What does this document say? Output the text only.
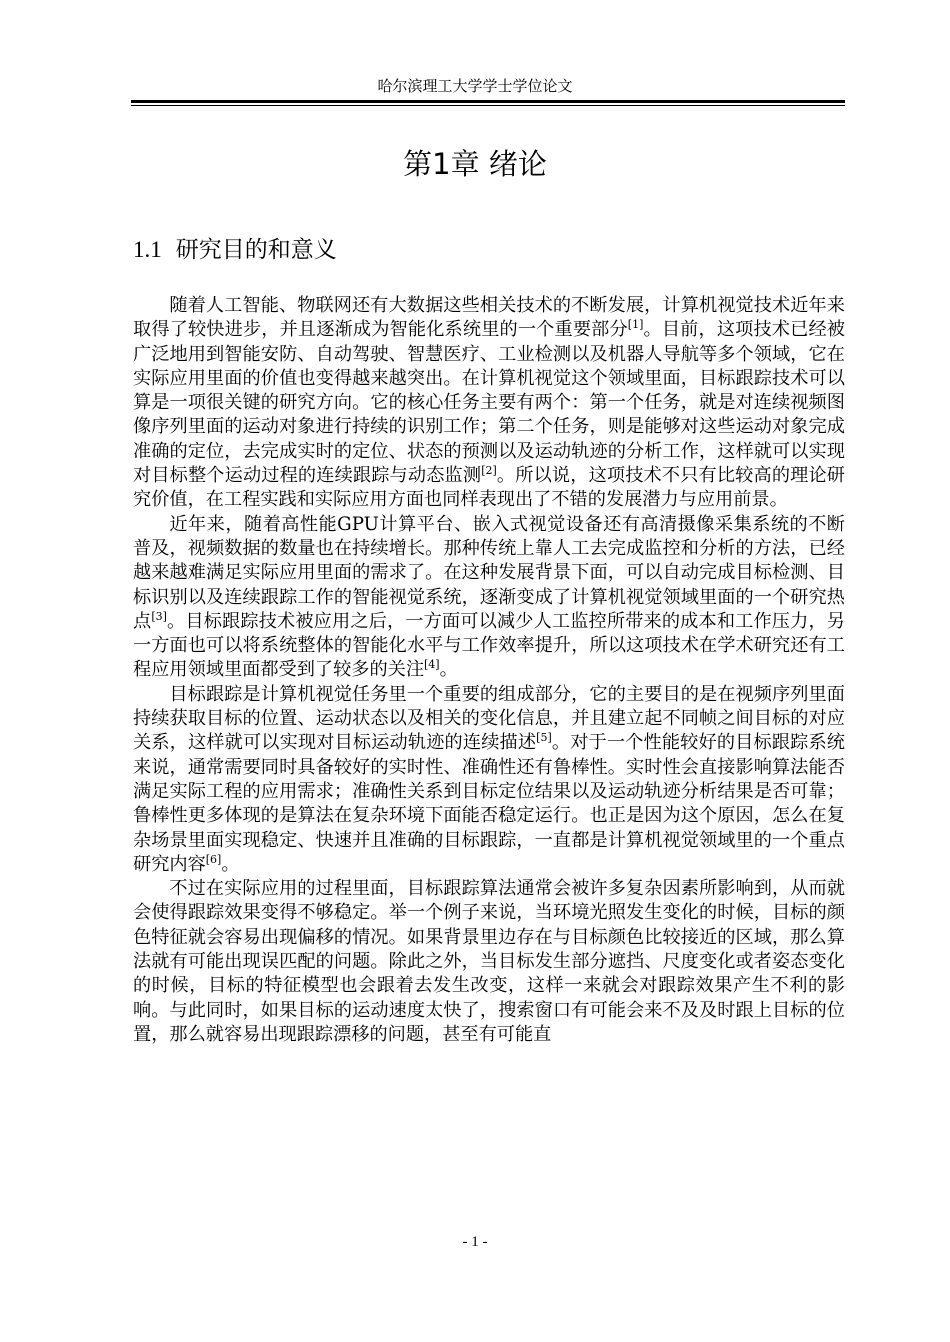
哈尔滨理工大学学士学位论文
第1章 绪论
1.1 研究目的和意义

随着人工智能、物联网还有大数据这些相关技术的不断发展，计算机视觉技术近年来取得了较快进步，并且逐渐成为智能化系统里的一个重要部分[1]。目前，这项技术已经被广泛地用到智能安防、自动驾驶、智慧医疗、工业检测以及机器人导航等多个领域，它在实际应用里面的价值也变得越来越突出。在计算机视觉这个领域里面，目标跟踪技术可以算是一项很关键的研究方向。它的核心任务主要有两个：第一个任务，就是对连续视频图像序列里面的运动对象进行持续的识别工作；第二个任务，则是能够对这些运动对象完成准确的定位，去完成实时的定位、状态的预测以及运动轨迹的分析工作，这样就可以实现对目标整个运动过程的连续跟踪与动态监测[2]。所以说，这项技术不只有比较高的理论研究价值，在工程实践和实际应用方面也同样表现出了不错的发展潜力与应用前景。

近年来，随着高性能GPU计算平台、嵌入式视觉设备还有高清摄像采集系统的不断普及，视频数据的数量也在持续增长。那种传统上靠人工去完成监控和分析的方法，已经越来越难满足实际应用里面的需求了。在这种发展背景下面，可以自动完成目标检测、目标识别以及连续跟踪工作的智能视觉系统，逐渐变成了计算机视觉领域里面的一个研究热点[3]。目标跟踪技术被应用之后，一方面可以减少人工监控所带来的成本和工作压力，另一方面也可以将系统整体的智能化水平与工作效率提升，所以这项技术在学术研究还有工程应用领域里面都受到了较多的关注[4]。

目标跟踪是计算机视觉任务里一个重要的组成部分，它的主要目的是在视频序列里面持续获取目标的位置、运动状态以及相关的变化信息，并且建立起不同帧之间目标的对应关系，这样就可以实现对目标运动轨迹的连续描述[5]。对于一个性能较好的目标跟踪系统来说，通常需要同时具备较好的实时性、准确性还有鲁棒性。实时性会直接影响算法能否满足实际工程的应用需求；准确性关系到目标定位结果以及运动轨迹分析结果是否可靠；鲁棒性更多体现的是算法在复杂环境下面能否稳定运行。也正是因为这个原因，怎么在复杂场景里面实现稳定、快速并且准确的目标跟踪，一直都是计算机视觉领域里的一个重点研究内容[6]。

不过在实际应用的过程里面，目标跟踪算法通常会被许多复杂因素所影响到，从而就会使得跟踪效果变得不够稳定。举一个例子来说，当环境光照发生变化的时候，目标的颜色特征就会容易出现偏移的情况。如果背景里边存在与目标颜色比较接近的区域，那么算法就有可能出现误匹配的问题。除此之外，当目标发生部分遮挡、尺度变化或者姿态变化的时候，目标的特征模型也会跟着去发生改变，这样一来就会对跟踪效果产生不利的影响。与此同时，如果目标的运动速度太快了，搜索窗口有可能会来不及及时跟上目标的位置，那么就容易出现跟踪漂移的问题，甚至有可能直

- 1 -
